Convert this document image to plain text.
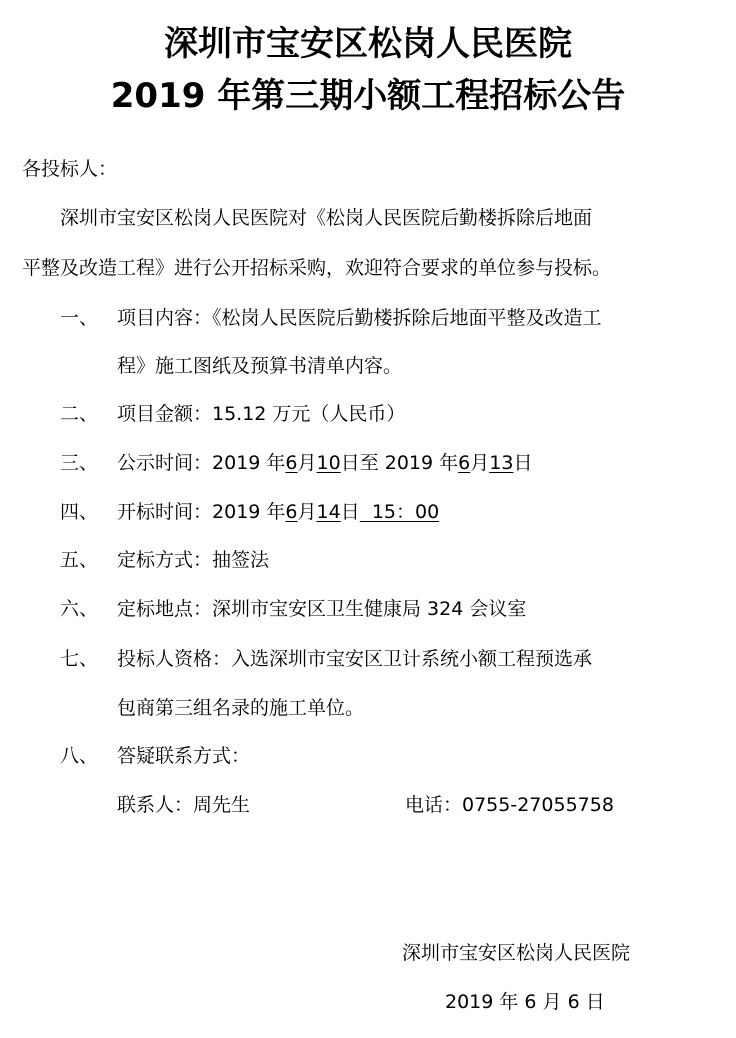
深圳市宝安区松岗人民医院
2019 年第三期小额工程招标公告
各投标人：
深圳市宝安区松岗人民医院对《松岗人民医院后勤楼拆除后地面
平整及改造工程》进行公开招标采购，欢迎符合要求的单位参与投标。
一、 项目内容：《松岗人民医院后勤楼拆除后地面平整及改造工
程》施工图纸及预算书清单内容。
二、 项目金额：15.12 万元（人民币）
三、 公示时间：2019 年6月10日至 2019 年6月13日
四、 开标时间：2019 年6月14日  15：00
五、 定标方式：抽签法
六、 定标地点：深圳市宝安区卫生健康局 324 会议室
七、 投标人资格：入选深圳市宝安区卫计系统小额工程预选承
包商第三组名录的施工单位。
八、 答疑联系方式：
联系人：周先生	电话：0755-27055758
深圳市宝安区松岗人民医院
2019 年 6 月 6 日
